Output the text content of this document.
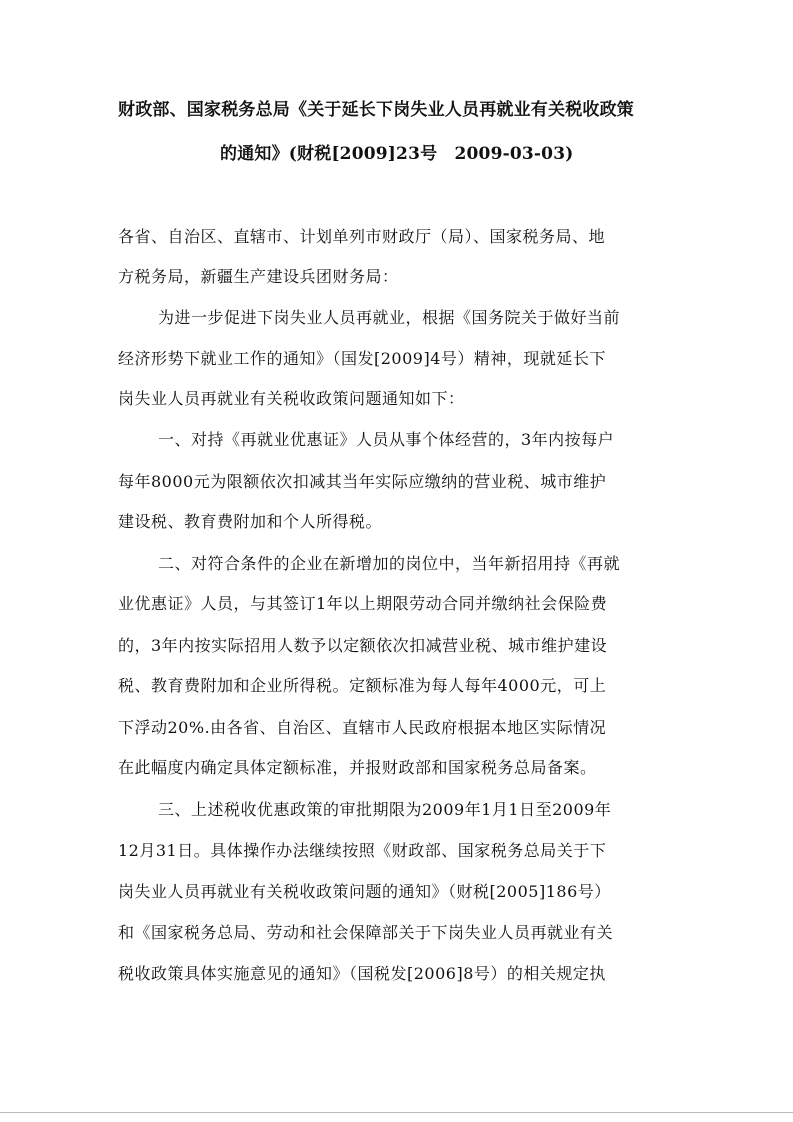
财政部、国家税务总局《关于延长下岗失业人员再就业有关税收政策
的通知》(财税[2009]23号　2009-03-03)
各省、自治区、直辖市、计划单列市财政厅（局）、国家税务局、地
方税务局，新疆生产建设兵团财务局：
为进一步促进下岗失业人员再就业，根据《国务院关于做好当前
经济形势下就业工作的通知》（国发[2009]4号）精神，现就延长下
岗失业人员再就业有关税收政策问题通知如下：
一、对持《再就业优惠证》人员从事个体经营的，3年内按每户
每年8000元为限额依次扣减其当年实际应缴纳的营业税、城市维护
建设税、教育费附加和个人所得税。
二、对符合条件的企业在新增加的岗位中，当年新招用持《再就
业优惠证》人员，与其签订1年以上期限劳动合同并缴纳社会保险费
的，3年内按实际招用人数予以定额依次扣减营业税、城市维护建设
税、教育费附加和企业所得税。定额标准为每人每年4000元，可上
下浮动20%.由各省、自治区、直辖市人民政府根据本地区实际情况
在此幅度内确定具体定额标准，并报财政部和国家税务总局备案。
三、上述税收优惠政策的审批期限为2009年1月1日至2009年
12月31日。具体操作办法继续按照《财政部、国家税务总局关于下
岗失业人员再就业有关税收政策问题的通知》（财税[2005]186号）
和《国家税务总局、劳动和社会保障部关于下岗失业人员再就业有关
税收政策具体实施意见的通知》（国税发[2006]8号）的相关规定执
